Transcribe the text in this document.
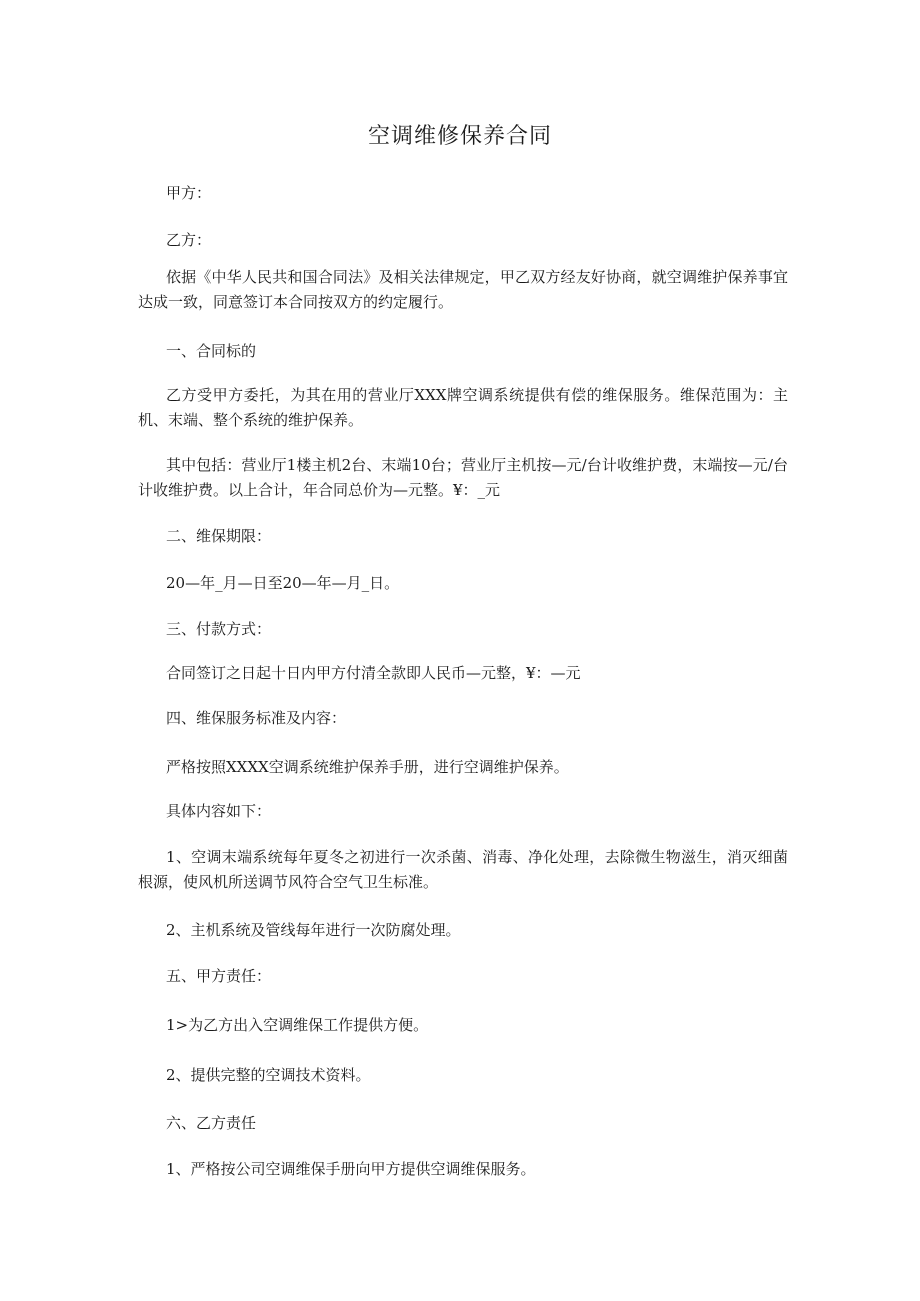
空调维修保养合同

甲方：

乙方：

依据《中华人民共和国合同法》及相关法律规定，甲乙双方经友好协商，就空调维护保养事宜达成一致，同意签订本合同按双方的约定履行。

一、合同标的

乙方受甲方委托，为其在用的营业厅XXX牌空调系统提供有偿的维保服务。维保范围为：主机、末端、整个系统的维护保养。

其中包括：营业厅1楼主机2台、末端10台；营业厅主机按—元/台计收维护费，末端按—元/台计收维护费。以上合计，年合同总价为—元整。¥：_元

二、维保期限：

20—年_月—日至20—年—月_日。

三、付款方式：

合同签订之日起十日内甲方付清全款即人民币—元整，¥：—元

四、维保服务标准及内容：

严格按照XXXX空调系统维护保养手册，进行空调维护保养。

具体内容如下：

1、空调末端系统每年夏冬之初进行一次杀菌、消毒、净化处理，去除微生物滋生，消灭细菌根源，使风机所送调节风符合空气卫生标准。

2、主机系统及管线每年进行一次防腐处理。

五、甲方责任：

1>为乙方出入空调维保工作提供方便。

2、提供完整的空调技术资料。

六、乙方责任

1、严格按公司空调维保手册向甲方提供空调维保服务。
